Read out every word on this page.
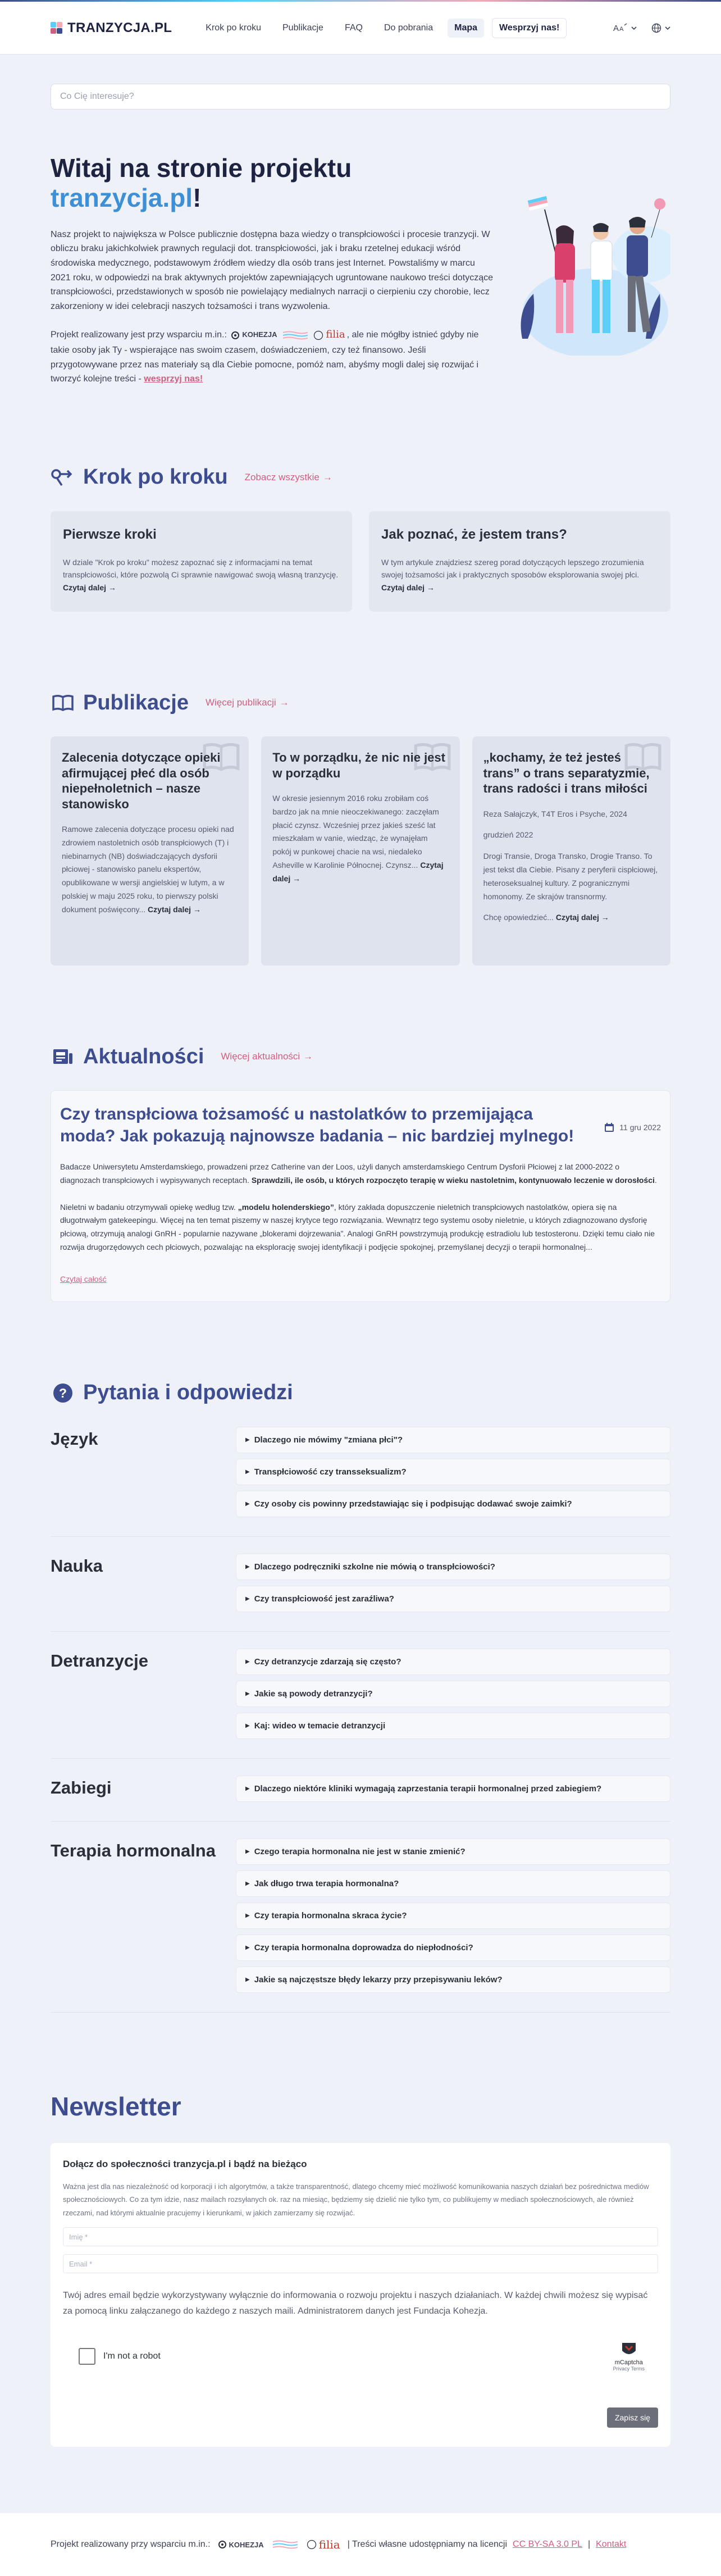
TRANZYCJA.PL	Krok po kroku	Publikacje	FAQ	Do pobrania	Mapa	Wesprzyj nas!	A A
Co Cię interesuje?
Witaj na stronie projektu tranzycja.pl!

Nasz projekt to największa w Polsce publicznie dostępna baza wiedzy o transpłciowości i procesie tranzycji. W obliczu braku jakichkolwiek prawnych regulacji dot. transpłciowości, jak i braku rzetelnej edukacji wśród środowiska medycznego, podstawowym źródłem wiedzy dla osób trans jest Internet. Powstaliśmy w marcu 2021 roku, w odpowiedzi na brak aktywnych projektów zapewniających ugruntowane naukowo treści dotyczące transpłciowości, przedstawionych w sposób nie powielający medialnych narracji o cierpieniu czy chorobie, lecz zakorzeniony w idei celebracji naszych tożsamości i trans wyzwolenia.

Projekt realizowany jest przy wsparciu m.in.: KOHEZJA

	filia , ale nie mógłby istnieć gdyby nie takie osoby jak Ty - wspierające nas swoim czasem, doświadczeniem, czy też finansowo. Jeśli przygotowywane przez nas materiały są dla Ciebie pomocne, pomóż nam, abyśmy mogli dalej się rozwijać i tworzyć kolejne treści - wesprzyj nas!

Krok po kroku Zobacz wszystkie →
Pierwsze kroki

W dziale "Krok po kroku" możesz zapoznać się z informacjami na temat transpłciowości, które pozwolą Ci sprawnie nawigować swoją własną tranzycję. Czytaj dalej →

Jak poznać, że jestem trans?

W tym artykule znajdziesz szereg porad dotyczących lepszego zrozumienia swojej tożsamości jak i praktycznych sposobów eksplorowania swojej płci. Czytaj dalej →

Publikacje Więcej publikacji →
Zalecenia dotyczące opieki afirmującej płeć dla osób niepełnoletnich – nasze stanowisko

Ramowe zalecenia dotyczące procesu opieki nad zdrowiem nastoletnich osób transpłciowych (T) i niebinarnych (NB) doświadczających dysforii płciowej - stanowisko panelu ekspertów, opublikowane w wersji angielskiej w lutym, a w polskiej w maju 2025 roku, to pierwszy polski dokument poświęcony... Czytaj dalej →

To w porządku, że nic nie jest w porządku

W okresie jesiennym 2016 roku zrobiłam coś bardzo jak na mnie nieoczekiwanego: zaczęłam płacić czynsz. Wcześniej przez jakieś sześć lat mieszkałam w vanie, wiedząc, że wynajęłam pokój w punkowej chacie na wsi, niedaleko Asheville w Karolinie Północnej. Czynsz... Czytaj dalej →

„kochamy, że też jesteś trans” o trans separatyzmie, trans radości i trans miłości

Reza Sałajczyk, T4T Eros i Psyche, 2024

grudzień 2022

Drogi Transie, Droga Transko, Drogie Transo. To jest tekst dla Ciebie. Pisany z peryferii cispłciowej, heteroseksualnej kultury. Z pogranicznymi homonomy. Ze skrajów transnormy.

Chcę opowiedzieć... Czytaj dalej →

Aktualności Więcej aktualności →
Czy transpłciowa tożsamość u nastolatków to przemijająca moda? Jak pokazują najnowsze badania – nic bardziej mylnego!	11 gru 2022

Badacze Uniwersytetu Amsterdamskiego, prowadzeni przez Catherine van der Loos, użyli danych amsterdamskiego Centrum Dysforii Płciowej z lat 2000-2022 o diagnozach transpłciowych i wypisywanych receptach. Sprawdzili, ile osób, u których rozpoczęto terapię w wieku nastoletnim, kontynuowało leczenie w dorosłości.

Nieletni w badaniu otrzymywali opiekę według tzw. „modelu holenderskiego”, który zakłada dopuszczenie nieletnich transpłciowych nastolatków, opiera się na długotrwałym gatekeepingu. Więcej na ten temat piszemy w naszej krytyce tego rozwiązania. Wewnątrz tego systemu osoby nieletnie, u których zdiagnozowano dysforię płciową, otrzymują analogi GnRH - popularnie nazywane „blokerami dojrzewania”. Analogi GnRH powstrzymują produkcję estradiolu lub testosteronu. Dzięki temu ciało nie rozwija drugorzędowych cech płciowych, pozwalając na eksplorację swojej identyfikacji i podjęcie spokojnej, przemyślanej decyzji o terapii hormonalnej...

Czytaj całość
? Pytania i odpowiedzi
Język	▶ Dlaczego nie mówimy "zmiana płci"?
▶ Transpłciowość czy transseksualizm?
▶ Czy osoby cis powinny przedstawiając się i podpisując dodawać swoje zaimki?
Nauka	▶ Dlaczego podręczniki szkolne nie mówią o transpłciowości?
▶ Czy transpłciowość jest zaraźliwa?
Detranzycje	▶ Czy detranzycje zdarzają się często?
▶ Jakie są powody detranzycji?
▶ Kaj: wideo w temacie detranzycji
Zabiegi	▶ Dlaczego niektóre kliniki wymagają zaprzestania terapii hormonalnej przed zabiegiem?
Terapia hormonalna	▶ Czego terapia hormonalna nie jest w stanie zmienić?
▶ Jak długo trwa terapia hormonalna?
▶ Czy terapia hormonalna skraca życie?
▶ Czy terapia hormonalna doprowadza do niepłodności?
▶ Jakie są najczęstsze błędy lekarzy przy przepisywaniu leków?
Newsletter
Dołącz do społeczności tranzycja.pl i bądź na bieżąco

Ważna jest dla nas niezależność od korporacji i ich algorytmów, a także transparentność, dlatego chcemy mieć możliwość komunikowania naszych działań bez pośrednictwa mediów społecznościowych. Co za tym idzie, nasz mailach rozsyłanych ok. raz na miesiąc, będziemy się dzielić nie tylko tym, co publikujemy w mediach społecznościowych, ale również rzeczami, nad którymi aktualnie pracujemy i kierunkami, w jakich zamierzamy się rozwijać.

Imię * Email *

Twój adres email będzie wykorzystywany wyłącznie do informowania o rozwoju projektu i naszych działaniach. W każdej chwili możesz się wypisać za pomocą linku załączanego do każdego z naszych maili. Administratorem danych jest Fundacja Kohezja.

I'm not a robot
mCaptcha
Privacy Terms
Zapisz się
Projekt realizowany przy wsparciu m.in.:	KOHEZJA	filia | Treści własne udostępniamy na licencji CC BY-SA 3.0 PL | Kontakt
